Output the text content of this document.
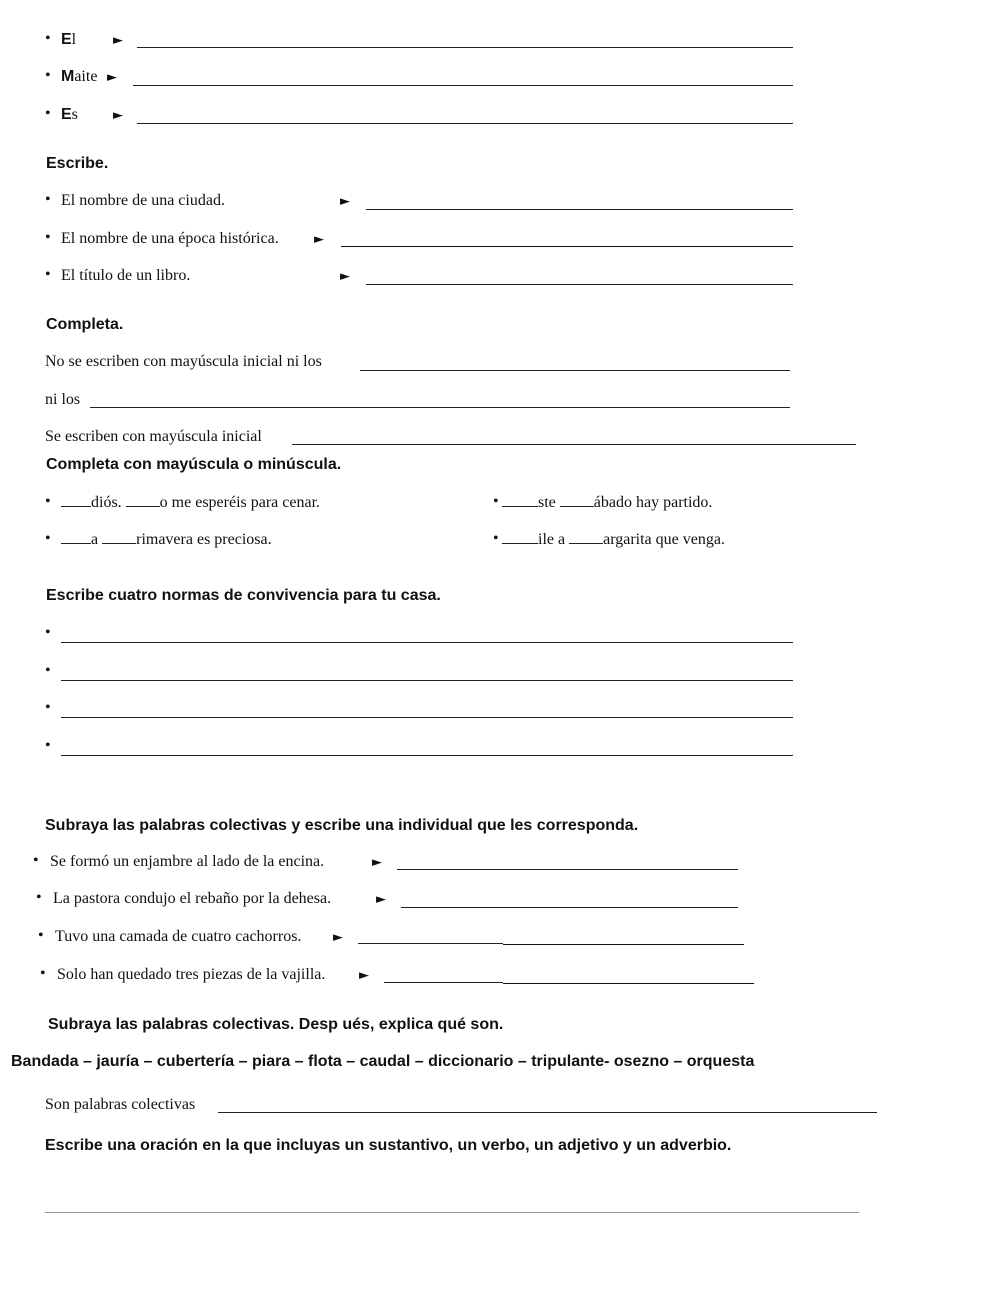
• El	►
• Maite ►
• Es	►
Escribe.
• El nombre de una ciudad.	►
• El nombre de una época histórica.	►
• El título de un libro.	►
Completa.
No se escriben con mayúscula inicial ni los
ni los
Se escriben con mayúscula inicial
Completa con mayúscula o minúscula.
•	diós. o me esperéis para cenar.	•	ste ábado hay partido.
•	a rimavera es preciosa.	•	ile a argarita que venga.
Escribe cuatro normas de convivencia para tu casa.
•
•
•
•
Subraya las palabras colectivas y escribe una individual que les corresponda.
• Se formó un enjambre al lado de la encina.	►
• La pastora condujo el rebaño por la dehesa.	►
• Tuvo una camada de cuatro cachorros. ►
• Solo han quedado tres piezas de la vajilla.	►
Subraya las palabras colectivas. Desp ués, explica qué son.
Bandada – jauría – cubertería – piara – flota – caudal – diccionario – tripulante- osezno – orquesta
Son palabras colectivas
Escribe una oración en la que incluyas un sustantivo, un verbo, un adjetivo y un adverbio.
